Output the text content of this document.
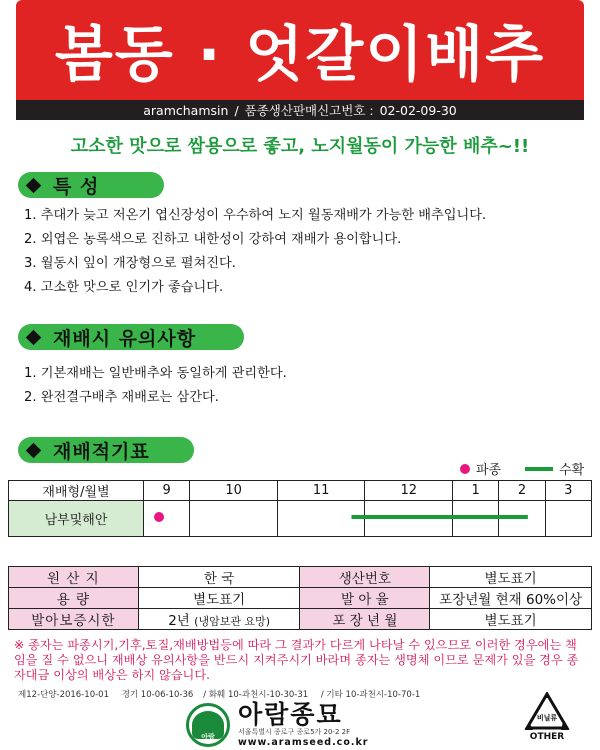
봄동 · 엇갈이배추
aramchamsin / 품종생산판매신고번호 : 02-02-09-30
고소한 맛으로 쌈용으로 좋고, 노지월동이 가능한 배추~!!
특 성
1. 추대가 늦고 저온기 엽신장성이 우수하여 노지 월동재배가 가능한 배추입니다.
2. 외엽은 농록색으로 진하고 내한성이 강하여 재배가 용이합니다.
3. 월동시 잎이 개장형으로 펼쳐진다.
4. 고소한 맛으로 인기가 좋습니다.
재배시 유의사항
1. 기본재배는 일반배추와 동일하게 관리한다.
2. 완전결구배추 재배로는 삼간다.
재배적기표
파종	수확
재배형/월별	9	10	11	12	1	2	3
남부및해안							
원 산 지	한 국	생산번호	별도표기
용 량	별도표기	발 아 율	포장년월 현재 60%이상
발아보증시한	2년 (냉암보관 요망)	포 장 년 월	별도표기
※ 종자는 파종시기,기후,토질,재배방법등에 따라 그 결과가 다르게 나타날 수 있으므로 이러한 경우에는 책임을 질 수 없으니 재배상 유의사항을 반드시 지켜주시기 바라며 종자는 생명체 이므로 문제가 있을 경우 종자대금 이상의 배상은 하지 않습니다.
제12-단양-2016-10-01 경기 10-06-10-36 / 화훼 10-과천시-10-30-31 / 기타 10-과천시-10-70-1
아람
아람종묘
서울특별시 종로구 종로5가 20-2 2F
www.aramseed.co.kr
비닐류
OTHER
